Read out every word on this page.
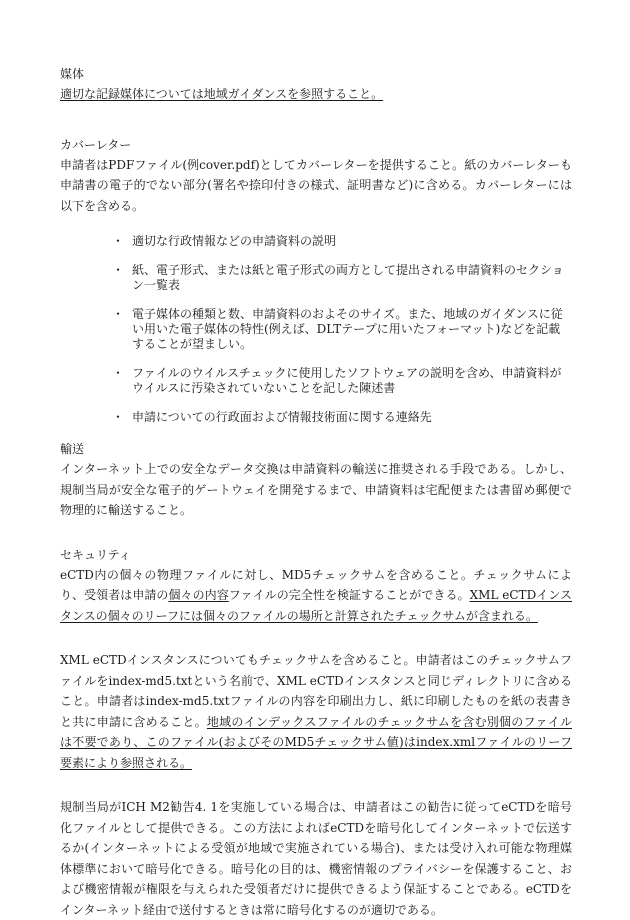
媒体

適切な記録媒体については地域ガイダンスを参照すること。

カバーレター

申請者はPDFファイル(例cover.pdf)としてカバーレターを提供すること。紙のカバーレターも申請書の電子的でない部分(署名や捺印付きの様式、証明書など)に含める。カバーレターには以下を含める。

・ 適切な行政情報などの申請資料の説明
・ 紙、電子形式、または紙と電子形式の両方として提出される申請資料のセクション一覧表
・ 電子媒体の種類と数、申請資料のおよそのサイズ。また、地域のガイダンスに従い用いた電子媒体の特性(例えば、DLTテープに用いたフォーマット)などを記載することが望ましい。
・ ファイルのウイルスチェックに使用したソフトウェアの説明を含め、申請資料がウイルスに汚染されていないことを記した陳述書
・ 申請についての行政面および情報技術面に関する連絡先

輸送

インターネット上での安全なデータ交換は申請資料の輸送に推奨される手段である。しかし、規制当局が安全な電子的ゲートウェイを開発するまで、申請資料は宅配便または書留め郵便で物理的に輸送すること。

セキュリティ

eCTD内の個々の物理ファイルに対し、MD5チェックサムを含めること。チェックサムにより、受領者は申請の個々の内容ファイルの完全性を検証することができる。XML eCTDインスタンスの個々のリーフには個々のファイルの場所と計算されたチェックサムが含まれる。

XML eCTDインスタンスについてもチェックサムを含めること。申請者はこのチェックサムファイルをindex-md5.txtという名前で、XML eCTDインスタンスと同じディレクトリに含めること。申請者はindex-md5.txtファイルの内容を印刷出力し、紙に印刷したものを紙の表書きと共に申請に含めること。地域のインデックスファイルのチェックサムを含む別個のファイルは不要であり、このファイル(およびそのMD5チェックサム値)はindex.xmlファイルのリーフ要素により参照される。

規制当局がICH M2勧告4. 1を実施している場合は、申請者はこの勧告に従ってeCTDを暗号化ファイルとして提供できる。この方法によればeCTDを暗号化してインターネットで伝送するか(インターネットによる受領が地域で実施されている場合)、または受け入れ可能な物理媒体標準において暗号化できる。暗号化の目的は、機密情報のプライバシーを保護すること、および機密情報が権限を与えられた受領者だけに提供できるよう保証することである。eCTDをインターネット経由で送付するときは常に暗号化するのが適切である。
